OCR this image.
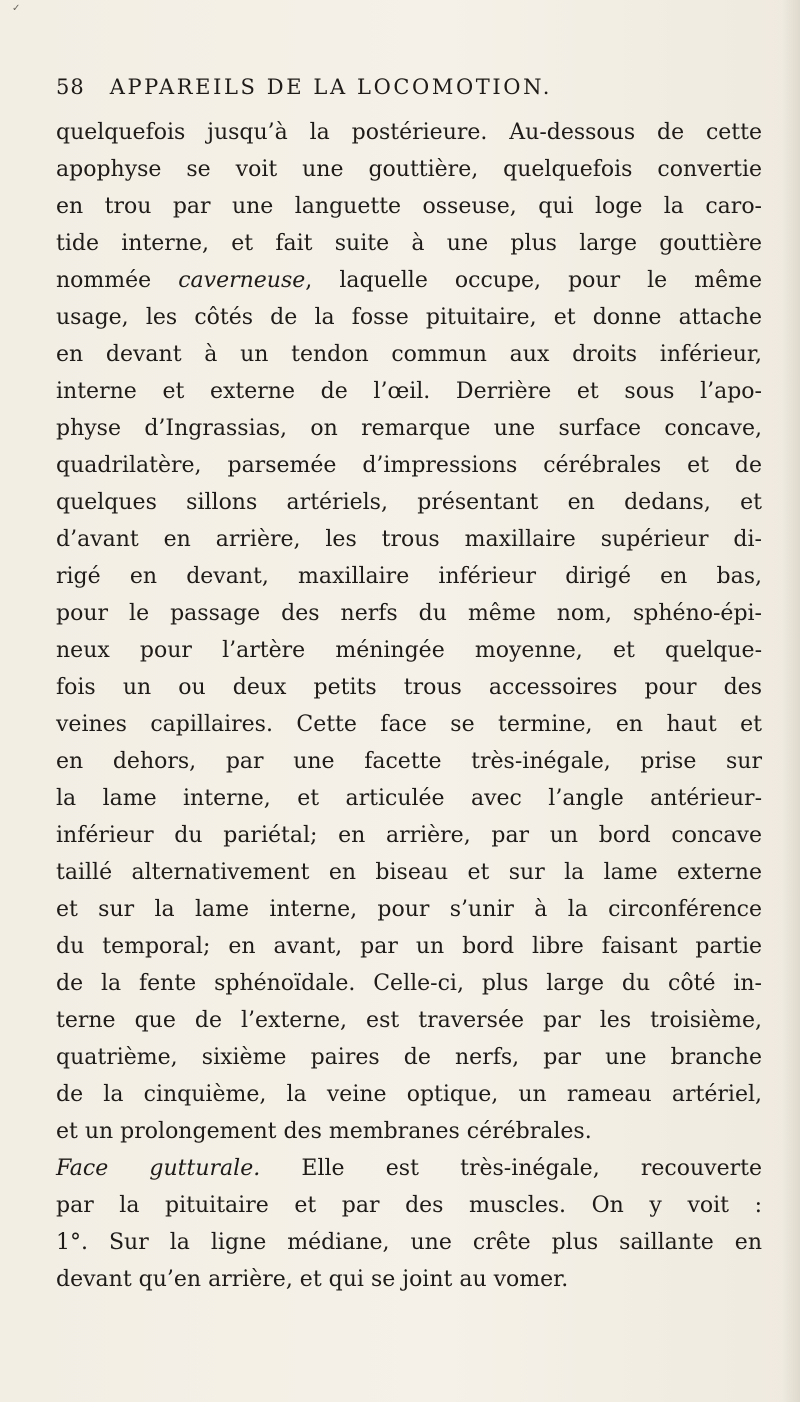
✓
58 APPAREILS DE LA LOCOMOTION.
quelquefois jusqu’à la postérieure. Au-dessous de cette
apophyse se voit une gouttière, quelquefois convertie
en trou par une languette osseuse, qui loge la caro-
tide interne, et fait suite à une plus large gouttière
nommée caverneuse, laquelle occupe, pour le même
usage, les côtés de la fosse pituitaire, et donne attache
en devant à un tendon commun aux droits inférieur,
interne et externe de l’œil. Derrière et sous l’apo-
physe d’Ingrassias, on remarque une surface concave,
quadrilatère, parsemée d’impressions cérébrales et de
quelques sillons artériels, présentant en dedans, et
d’avant en arrière, les trous maxillaire supérieur di-
rigé en devant, maxillaire inférieur dirigé en bas,
pour le passage des nerfs du même nom, sphéno-épi-
neux pour l’artère méningée moyenne, et quelque-
fois un ou deux petits trous accessoires pour des
veines capillaires. Cette face se termine, en haut et
en dehors, par une facette très-inégale, prise sur
la lame interne, et articulée avec l’angle antérieur-
inférieur du pariétal; en arrière, par un bord concave
taillé alternativement en biseau et sur la lame externe
et sur la lame interne, pour s’unir à la circonférence
du temporal; en avant, par un bord libre faisant partie
de la fente sphénoïdale. Celle-ci, plus large du côté in-
terne que de l’externe, est traversée par les troisième,
quatrième, sixième paires de nerfs, par une branche
de la cinquième, la veine optique, un rameau artériel,
et un prolongement des membranes cérébrales.
Face gutturale. Elle est très-inégale, recouverte
par la pituitaire et par des muscles. On y voit :
1°. Sur la ligne médiane, une crête plus saillante en
devant qu’en arrière, et qui se joint au vomer.
